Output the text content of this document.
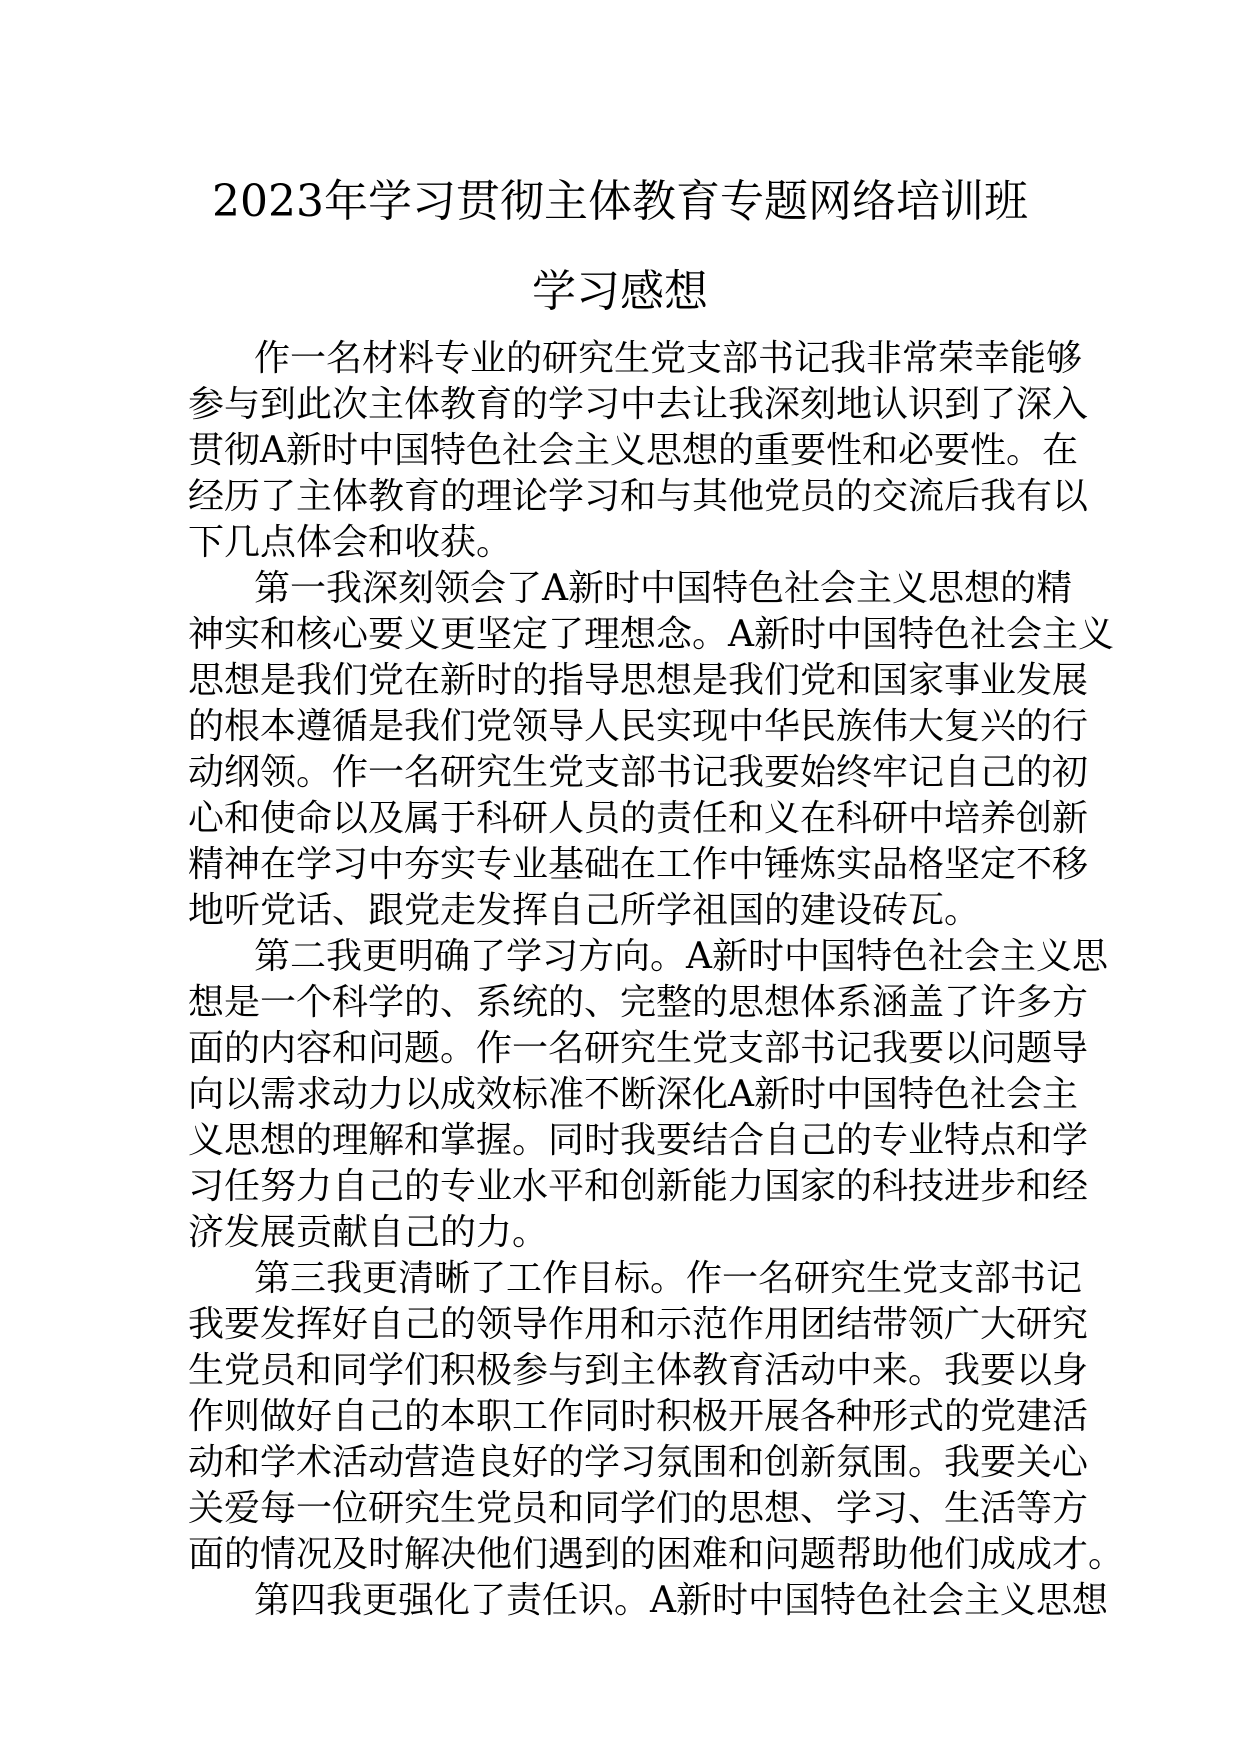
2023年学习贯彻主体教育专题网络培训班
学习感想
作一名材料专业的研究生党支部书记我非常荣幸能够
参与到此次主体教育的学习中去让我深刻地认识到了深入
贯彻A新时中国特色社会主义思想的重要性和必要性。在
经历了主体教育的理论学习和与其他党员的交流后我有以
下几点体会和收获。
第一我深刻领会了A新时中国特色社会主义思想的精
神实和核心要义更坚定了理想念。A新时中国特色社会主义
思想是我们党在新时的指导思想是我们党和国家事业发展
的根本遵循是我们党领导人民实现中华民族伟大复兴的行
动纲领。作一名研究生党支部书记我要始终牢记自己的初
心和使命以及属于科研人员的责任和义在科研中培养创新
精神在学习中夯实专业基础在工作中锤炼实品格坚定不移
地听党话、跟党走发挥自己所学祖国的建设砖瓦。
第二我更明确了学习方向。A新时中国特色社会主义思
想是一个科学的、系统的、完整的思想体系涵盖了许多方
面的内容和问题。作一名研究生党支部书记我要以问题导
向以需求动力以成效标准不断深化A新时中国特色社会主
义思想的理解和掌握。同时我要结合自己的专业特点和学
习任努力自己的专业水平和创新能力国家的科技进步和经
济发展贡献自己的力。
第三我更清晰了工作目标。作一名研究生党支部书记
我要发挥好自己的领导作用和示范作用团结带领广大研究
生党员和同学们积极参与到主体教育活动中来。我要以身
作则做好自己的本职工作同时积极开展各种形式的党建活
动和学术活动营造良好的学习氛围和创新氛围。我要关心
关爱每一位研究生党员和同学们的思想、学习、生活等方
面的情况及时解决他们遇到的困难和问题帮助他们成成才。
第四我更强化了责任识。A新时中国特色社会主义思想
